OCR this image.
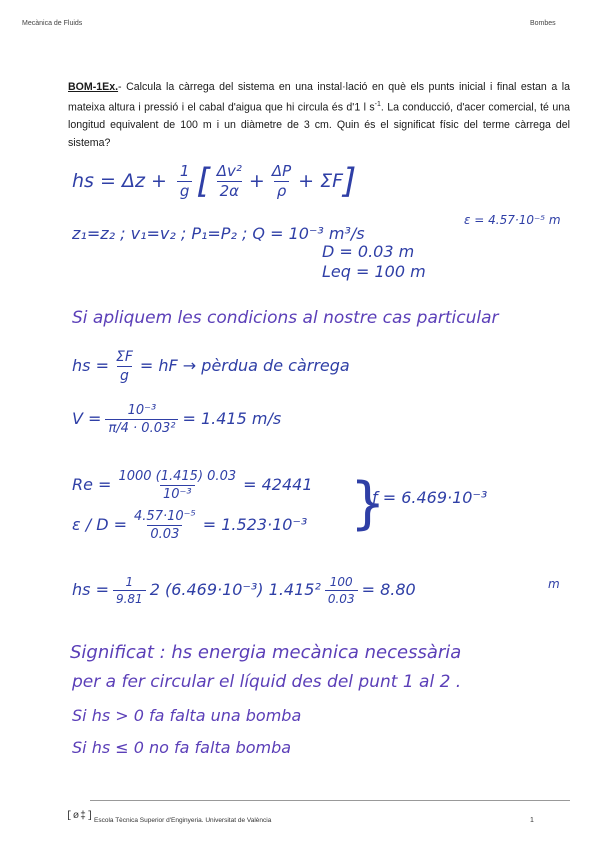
Mecànica de Fluids	Bombes
BOM-1Ex.- Calcula la càrrega del sistema en una instal·lació en què els punts inicial i final estan a la mateixa altura i pressió i el cabal d'aigua que hi circula és d'1 l $s^{-1}$. La conducció, d'acer comercial, té una longitud equivalent de 100 m i un diàmetre de 3 cm. Quin és el significat físic del terme càrrega del sistema?
hs = $\Delta z + \frac{1}{g}$ [ $\frac{\text{Δv²}}{2\alpha} + \frac{\Delta P}{\rho} + \Sigma F$]
z₁=z₂ ; v₁=v₂ ; P₁=P₂ ; Q = 10⁻³ m³/s
ε = 4.57·10⁻⁵ m
D = 0.03 m
Leq = 100 m
Si apliquem les condicions al nostre cas particular
hs = $\frac{\Sigma F}{g}$ = hF → pèrdua de càrrega
$V = \frac{\text{10⁻³}}{\text{π/4 · 0.03²}} = 1.415$ m/s
$Re = \frac{1000 (1.415) 0.03}{\text{10⁻³}} = 42441$
$\varepsilon / D = \frac{\text{4.57·10⁻⁵}}{0.03} = 1.523\cdot 10^{-3}$ }
f = 6.469·10⁻³
hs = $\frac{1}{9.81} 2$ (6.469·10⁻³) $1.415^2 \frac{100}{0.03} = 8.80$	m
Significat : hs energia mecànica necessària
per a fer circular el líquid des del punt 1 al 2 .
Si hs > 0 fa falta una bomba
Si hs ≤ 0 no fa falta bomba
[ø‡] Escola Tècnica Superior d'Enginyeria. Universitat de València	1
